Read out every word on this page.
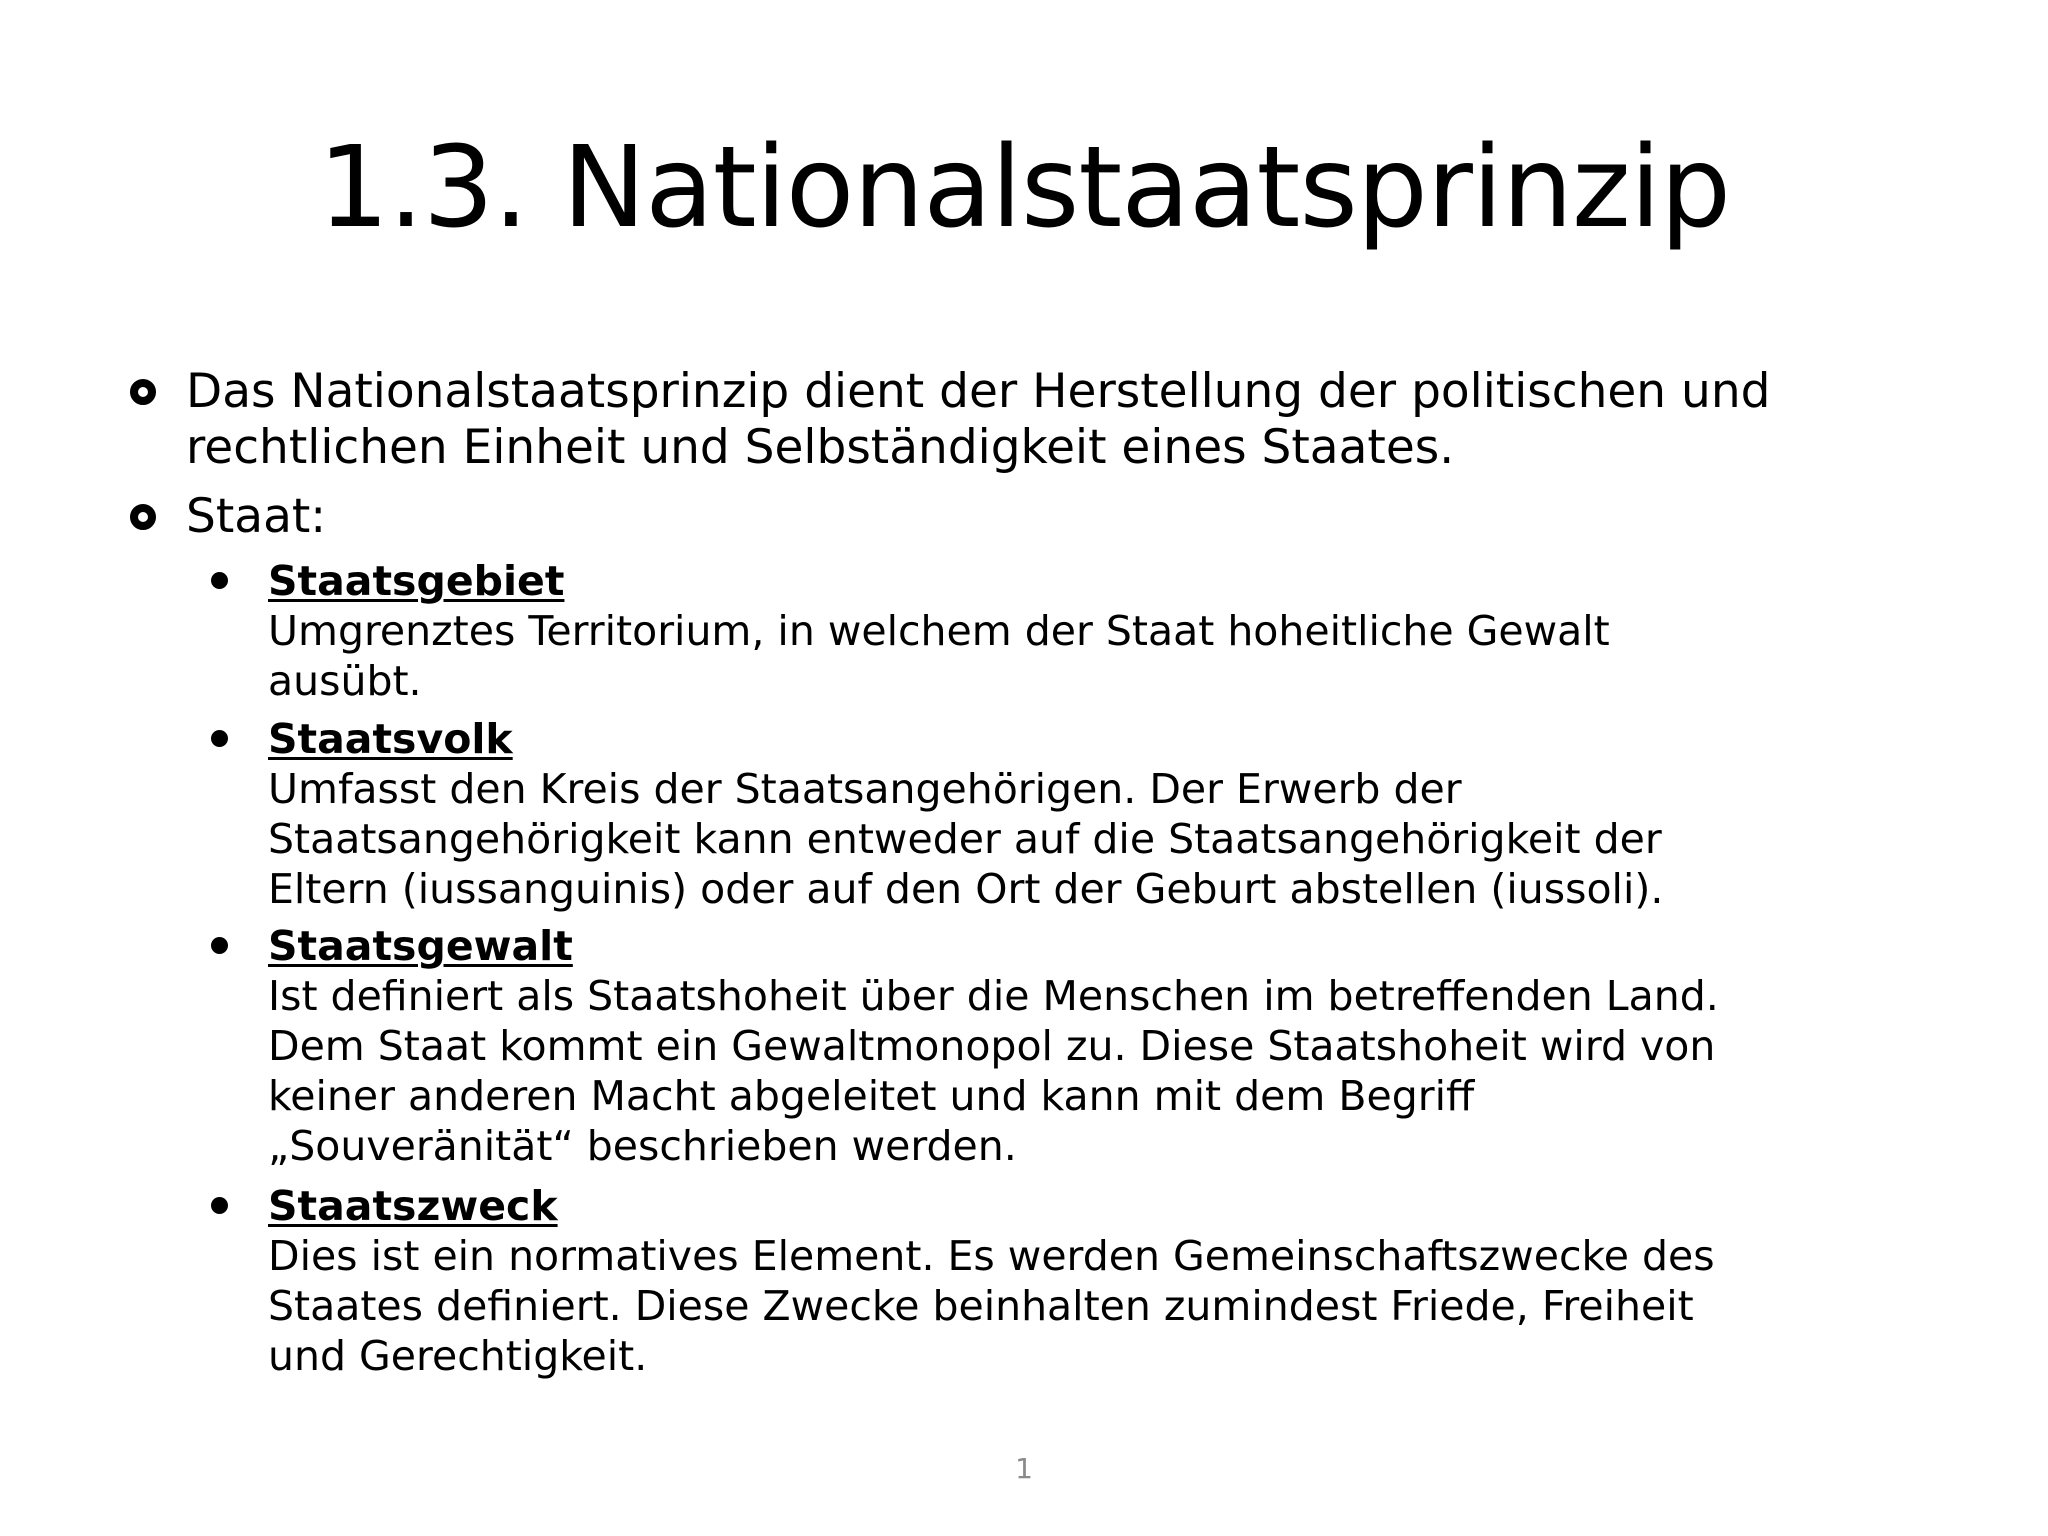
1.3. Nationalstaatsprinzip
Das Nationalstaatsprinzip dient der Herstellung der politischen und
rechtlichen Einheit und Selbständigkeit eines Staates.
Staat:
Staatsgebiet
Umgrenztes Territorium, in welchem der Staat hoheitliche Gewalt
ausübt.
Staatsvolk
Umfasst den Kreis der Staatsangehörigen. Der Erwerb der
Staatsangehörigkeit kann entweder auf die Staatsangehörigkeit der
Eltern (iussanguinis) oder auf den Ort der Geburt abstellen (iussoli).
Staatsgewalt
Ist definiert als Staatshoheit über die Menschen im betreffenden Land.
Dem Staat kommt ein Gewaltmonopol zu. Diese Staatshoheit wird von
keiner anderen Macht abgeleitet und kann mit dem Begriff
„Souveränität“ beschrieben werden.
Staatszweck
Dies ist ein normatives Element. Es werden Gemeinschaftszwecke des
Staates definiert. Diese Zwecke beinhalten zumindest Friede, Freiheit
und Gerechtigkeit.
1
